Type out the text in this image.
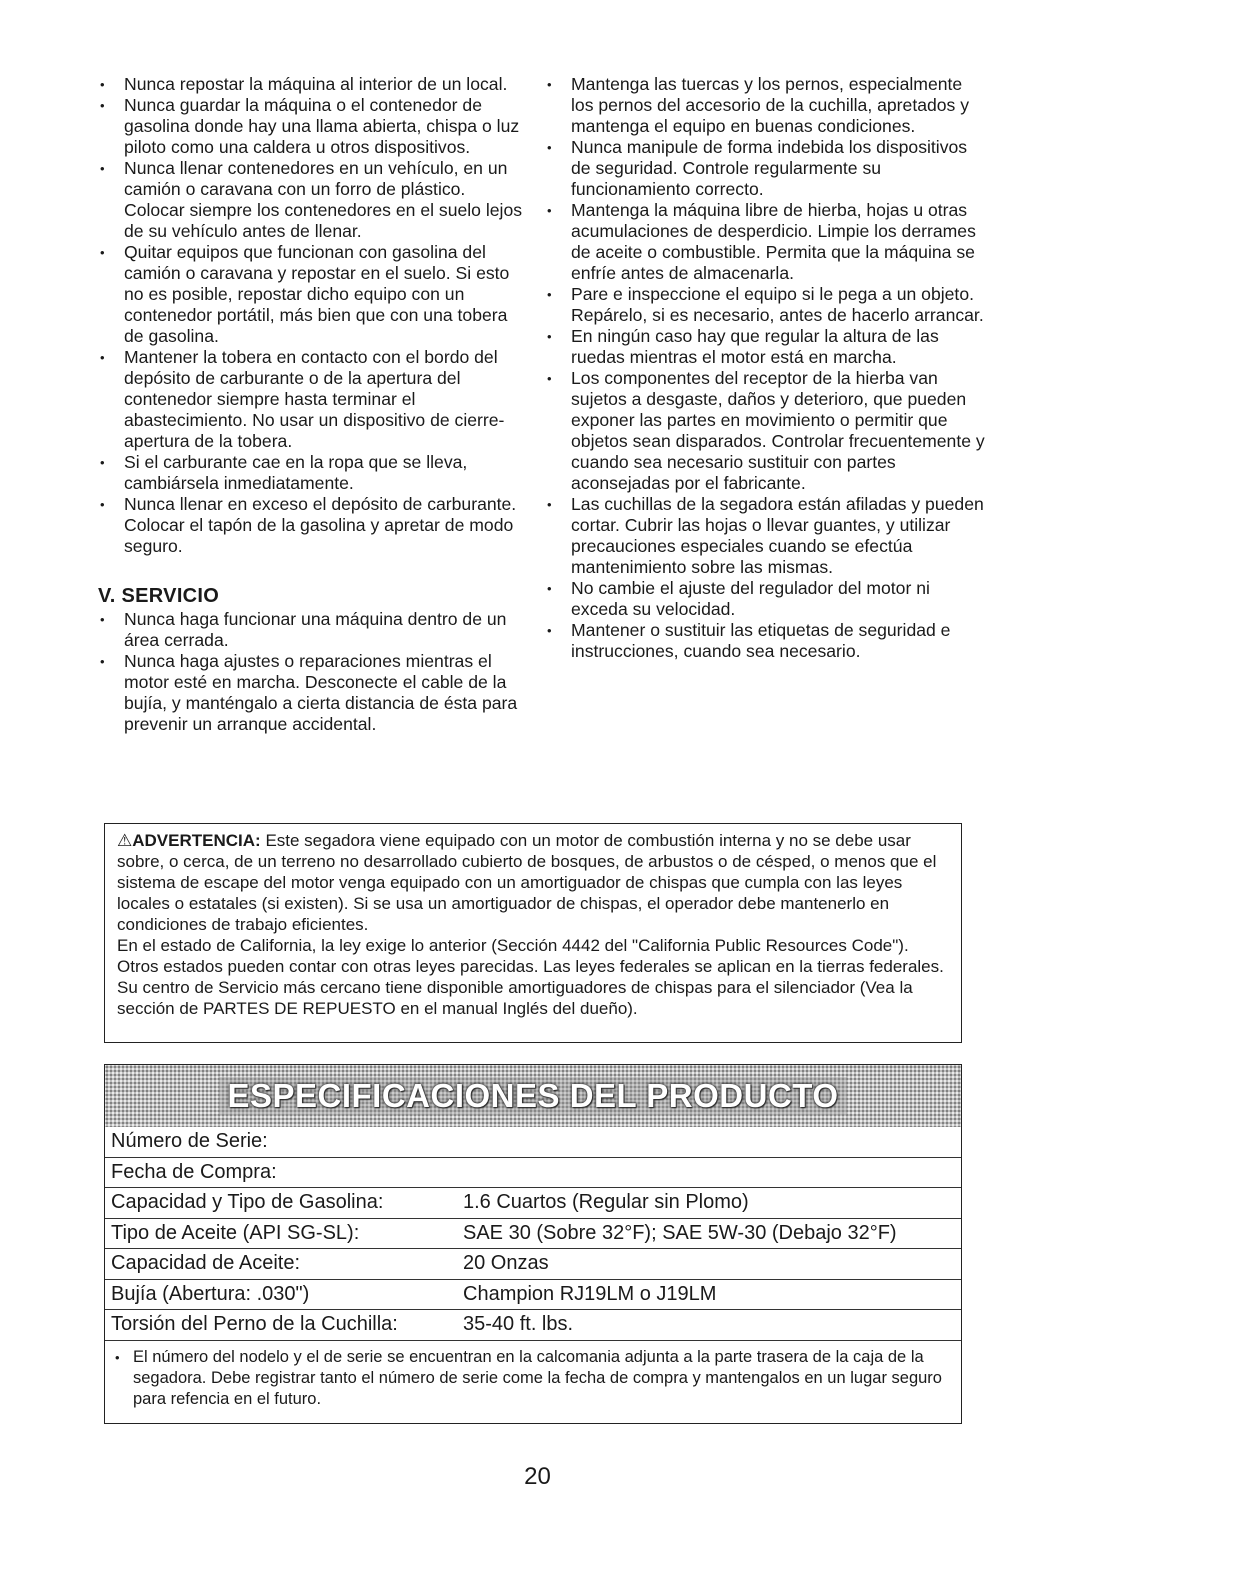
• Nunca repostar la máquina al interior de un local.
• Nunca guardar la máquina o el contenedor de gasolina donde hay una llama abierta, chispa o luz piloto como una caldera u otros dispositivos.
• Nunca llenar contenedores en un vehículo, en un camión o caravana con un forro de plástico. Colocar siempre los contenedores en el suelo lejos de su vehículo antes de llenar.
• Quitar equipos que funcionan con gasolina del camión o caravana y repostar en el suelo. Si esto no es posible, repostar dicho equipo con un contenedor portátil, más bien que con una tobera de gasolina.
• Mantener la tobera en contacto con el bordo del depósito de carburante o de la apertura del contenedor siempre hasta terminar el abastecimiento. No usar un dispositivo de cierre-apertura de la tobera.
• Si el carburante cae en la ropa que se lleva, cambiársela inmediatamente.
• Nunca llenar en exceso el depósito de carburante. Colocar el tapón de la gasolina y apretar de modo seguro.
V. SERVICIO
• Nunca haga funcionar una máquina dentro de un área cerrada.
• Nunca haga ajustes o reparaciones mientras el motor esté en marcha. Desconecte el cable de la bujía, y manténgalo a cierta distancia de ésta para prevenir un arranque accidental.
• Mantenga las tuercas y los pernos, especialmente los pernos del accesorio de la cuchilla, apretados y mantenga el equipo en buenas condiciones.
• Nunca manipule de forma indebida los dispositivos de seguridad. Controle regularmente su funcionamiento correcto.
• Mantenga la máquina libre de hierba, hojas u otras acumulaciones de desperdicio. Limpie los derrames de aceite o combustible. Permita que la máquina se enfríe antes de almacenarla.
• Pare e inspeccione el equipo si le pega a un objeto. Repárelo, si es necesario, antes de hacerlo arrancar.
• En ningún caso hay que regular la altura de las ruedas mientras el motor está en marcha.
• Los componentes del receptor de la hierba van sujetos a desgaste, daños y deterioro, que pueden exponer las partes en movimiento o permitir que objetos sean disparados. Controlar frecuentemente y cuando sea necesario sustituir con partes aconsejadas por el fabricante.
• Las cuchillas de la segadora están afiladas y pueden cortar. Cubrir las hojas o llevar guantes, y utilizar precauciones especiales cuando se efectúa mantenimiento sobre las mismas.
• No cambie el ajuste del regulador del motor ni exceda su velocidad.
• Mantener o sustituir las etiquetas de seguridad e instrucciones, cuando sea necesario.
⚠ADVERTENCIA: Este segadora viene equipado con un motor de combustión interna y no se debe usar sobre, o cerca, de un terreno no desarrollado cubierto de bosques, de arbustos o de césped, o menos que el sistema de escape del motor venga equipado con un amortiguador de chispas que cumpla con las leyes locales o estatales (si existen). Si se usa un amortiguador de chispas, el operador debe mantenerlo en condiciones de trabajo eficientes.
En el estado de California, la ley exige lo anterior (Sección 4442 del "California Public Resources Code"). Otros estados pueden contar con otras leyes parecidas. Las leyes federales se aplican en la tierras federales. Su centro de Servicio más cercano tiene disponible amortiguadores de chispas para el silenciador (Vea la sección de PARTES DE REPUESTO en el manual Inglés del dueño).
ESPECIFICACIONES DEL PRODUCTO
Número de Serie:
Fecha de Compra:
Capacidad y Tipo de Gasolina:	1.6 Cuartos (Regular sin Plomo)
Tipo de Aceite (API SG-SL):	SAE 30 (Sobre 32°F); SAE 5W-30 (Debajo 32°F)
Capacidad de Aceite:	20 Onzas
Bujía (Abertura: .030")	Champion RJ19LM o J19LM
Torsión del Perno de la Cuchilla:	35-40 ft. lbs.
• El número del nodelo y el de serie se encuentran en la calcomania adjunta a la parte trasera de la caja de la segadora. Debe registrar tanto el número de serie come la fecha de compra y mantengalos en un lugar seguro para refencia en el futuro.
20
